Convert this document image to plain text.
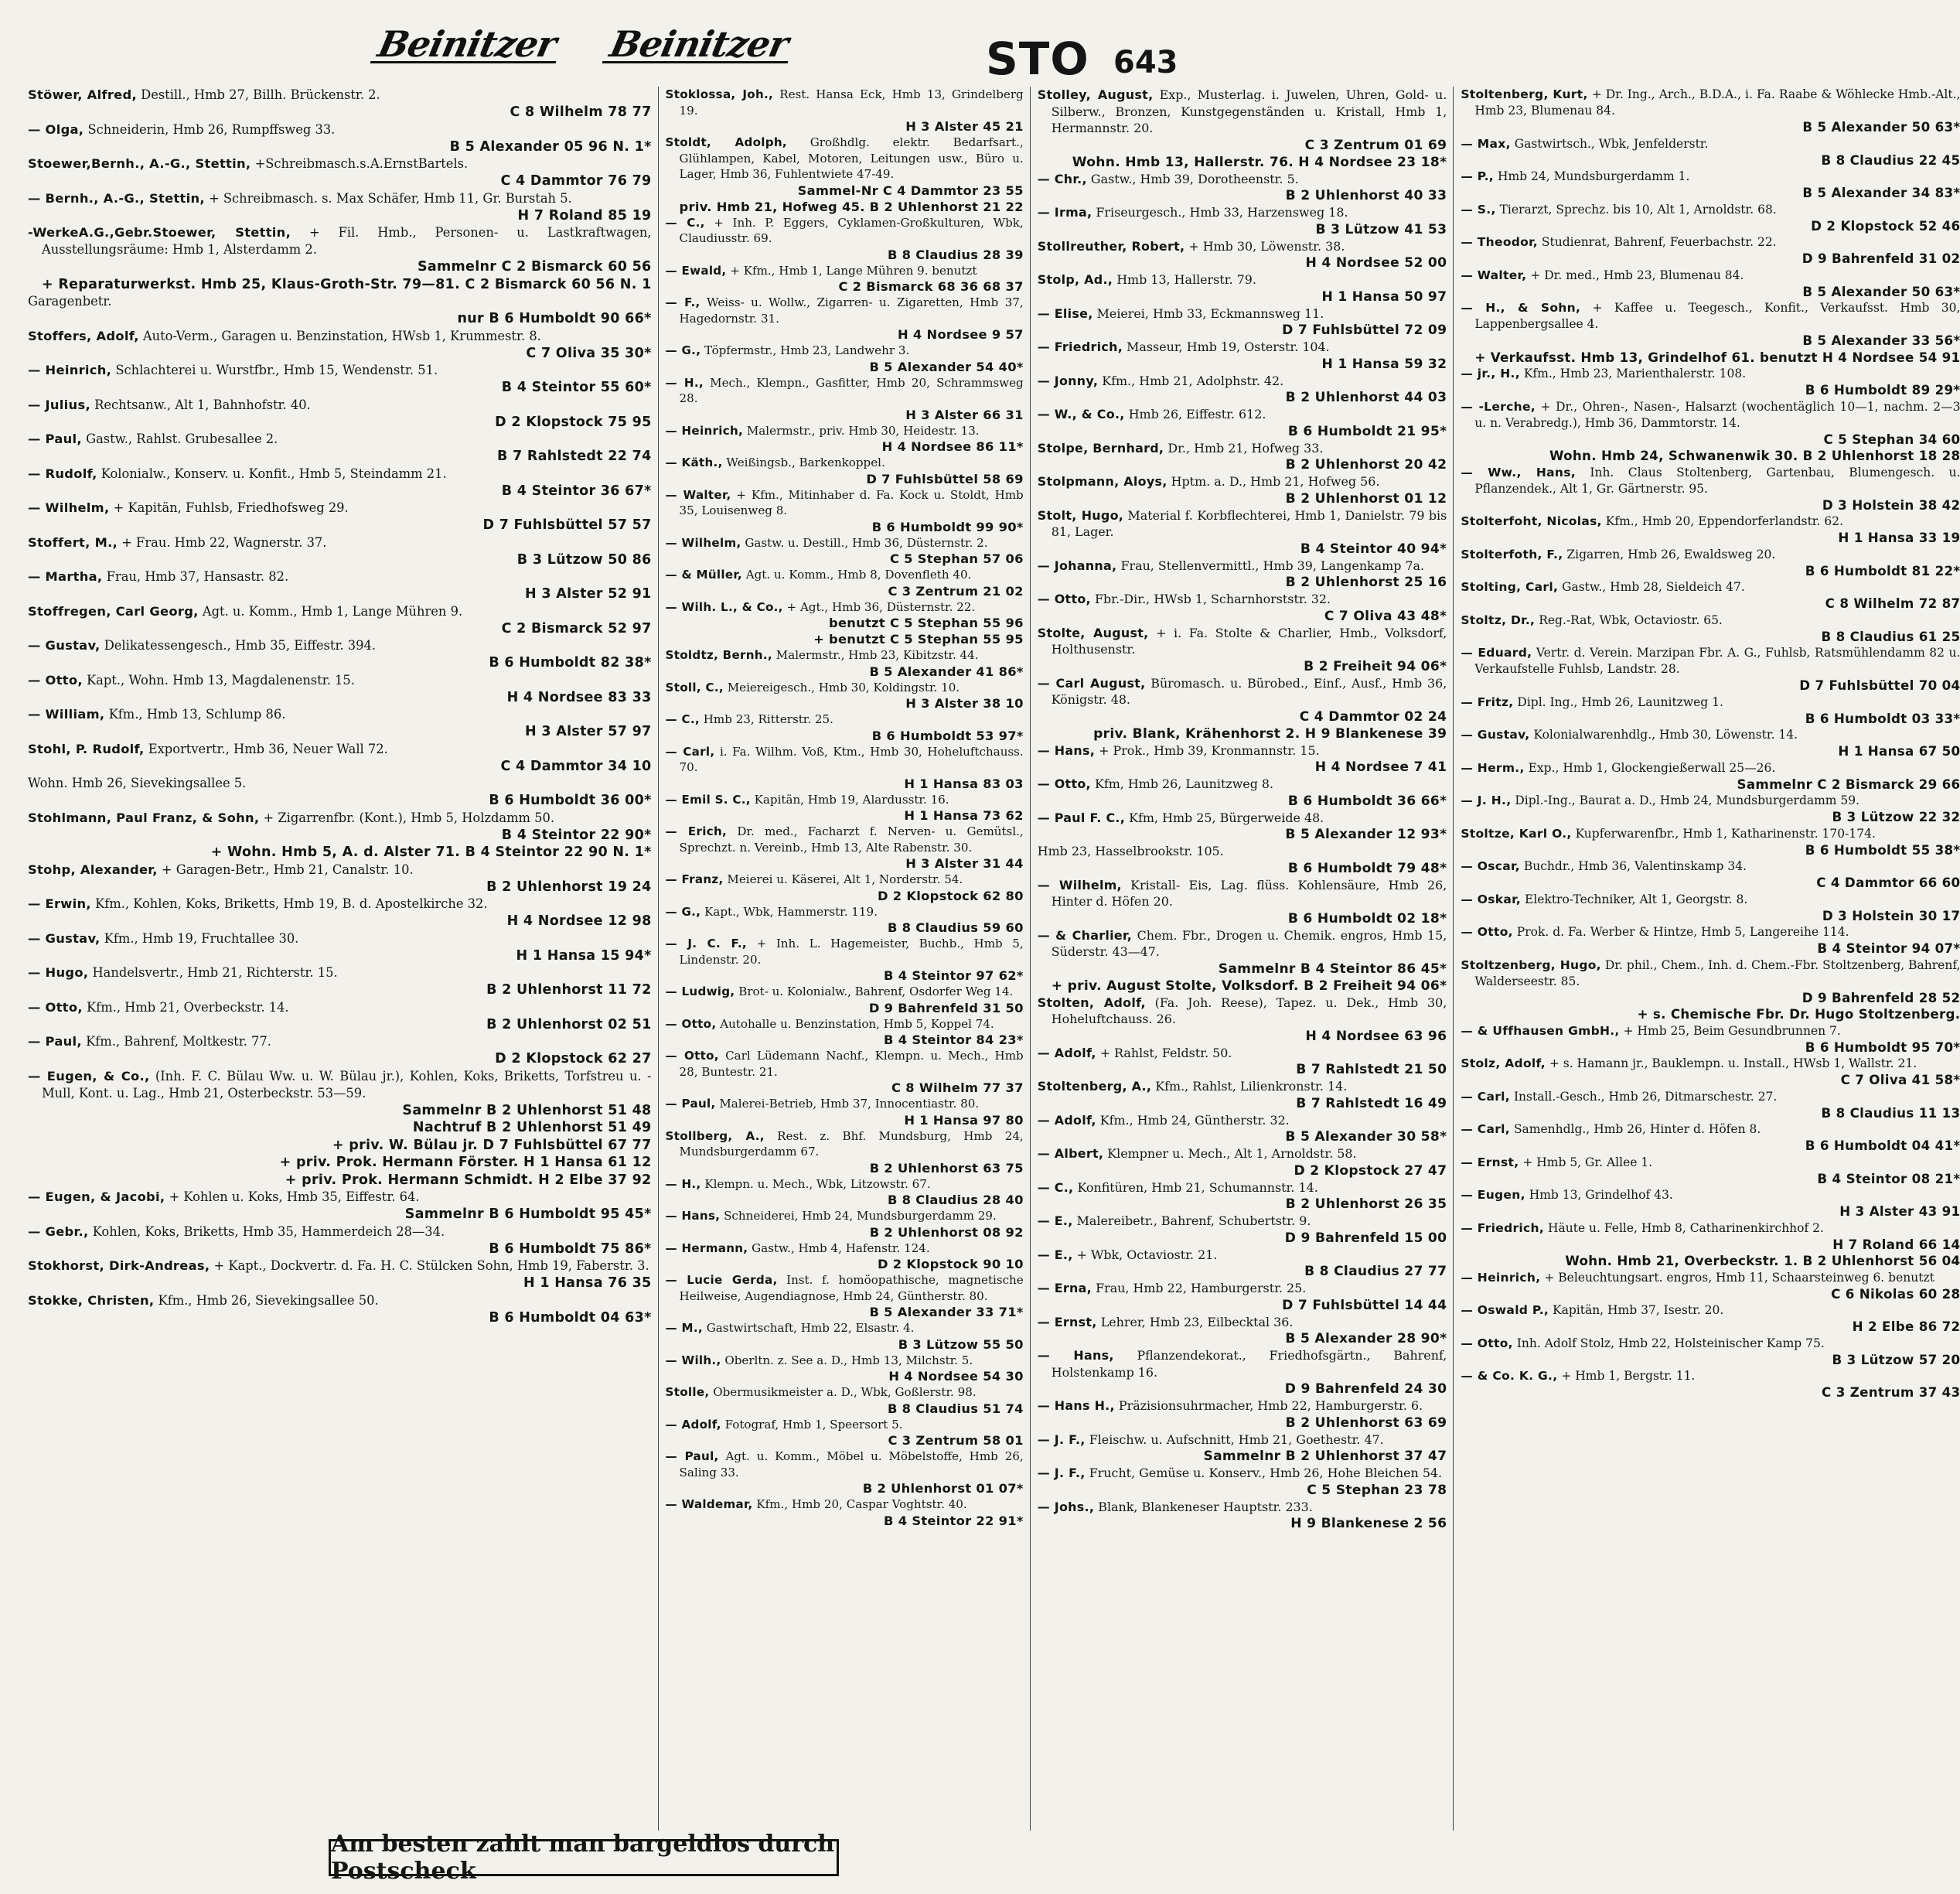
Beinitzer Beinitzer	STO 643

Stöwer, Alfred, Destill., Hmb 27, Billh. Brückenstr. 2.
C 8 Wilhelm 78 77

— Olga, Schneiderin, Hmb 26, Rumpffsweg 33.
B 5 Alexander 05 96 N. 1*

Stoewer,Bernh., A.-G., Stettin, +Schreibmasch.s.A.ErnstBartels.
C 4 Dammtor 76 79

— Bernh., A.-G., Stettin, + Schreibmasch. s. Max Schäfer, Hmb 11, Gr. Burstah 5.
H 7 Roland 85 19

-WerkeA.G.,Gebr.Stoewer, Stettin, + Fil. Hmb., Personen- u. Lastkraftwagen, Ausstellungsräume: Hmb 1, Alsterdamm 2.
Sammelnr C 2 Bismarck 60 56
+ Reparaturwerkst. Hmb 25, Klaus-Groth-Str. 79—81. C 2 Bismarck 60 56 N. 1

Garagenbetr.
nur B 6 Humboldt 90 66*

Stoffers, Adolf, Auto-Verm., Garagen u. Benzinstation, HWsb 1, Krummestr. 8.
C 7 Oliva 35 30*

— Heinrich, Schlachterei u. Wurstfbr., Hmb 15, Wendenstr. 51.
B 4 Steintor 55 60*

— Julius, Rechtsanw., Alt 1, Bahnhofstr. 40.
D 2 Klopstock 75 95

— Paul, Gastw., Rahlst. Grubesallee 2.
B 7 Rahlstedt 22 74

— Rudolf, Kolonialw., Konserv. u. Konfit., Hmb 5, Steindamm 21.
B 4 Steintor 36 67*

— Wilhelm, + Kapitän, Fuhlsb, Friedhofsweg 29.
D 7 Fuhlsbüttel 57 57

Stoffert, M., + Frau. Hmb 22, Wagnerstr. 37.
B 3 Lützow 50 86

— Martha, Frau, Hmb 37, Hansastr. 82.
H 3 Alster 52 91

Stoffregen, Carl Georg, Agt. u. Komm., Hmb 1, Lange Mühren 9.
C 2 Bismarck 52 97

— Gustav, Delikatessengesch., Hmb 35, Eiffestr. 394.
B 6 Humboldt 82 38*

— Otto, Kapt., Wohn. Hmb 13, Magdalenenstr. 15.
H 4 Nordsee 83 33

— William, Kfm., Hmb 13, Schlump 86.
H 3 Alster 57 97

Stohl, P. Rudolf, Exportvertr., Hmb 36, Neuer Wall 72.
C 4 Dammtor 34 10

Wohn. Hmb 26, Sievekingsallee 5.
B 6 Humboldt 36 00*

Stohlmann, Paul Franz, & Sohn, + Zigarrenfbr. (Kont.), Hmb 5, Holzdamm 50.
B 4 Steintor 22 90*
+ Wohn. Hmb 5, A. d. Alster 71. B 4 Steintor 22 90 N. 1*

Stohp, Alexander, + Garagen-Betr., Hmb 21, Canalstr. 10.
B 2 Uhlenhorst 19 24

— Erwin, Kfm., Kohlen, Koks, Briketts, Hmb 19, B. d. Apostelkirche 32.
H 4 Nordsee 12 98

— Gustav, Kfm., Hmb 19, Fruchtallee 30.
H 1 Hansa 15 94*

— Hugo, Handelsvertr., Hmb 21, Richterstr. 15.
B 2 Uhlenhorst 11 72

— Otto, Kfm., Hmb 21, Overbeckstr. 14.
B 2 Uhlenhorst 02 51

— Paul, Kfm., Bahrenf, Moltkestr. 77.
D 2 Klopstock 62 27

— Eugen, & Co., (Inh. F. C. Bülau Ww. u. W. Bülau jr.), Kohlen, Koks, Briketts, Torfstreu u. -Mull, Kont. u. Lag., Hmb 21, Osterbeckstr. 53—59.
Sammelnr B 2 Uhlenhorst 51 48
Nachtruf B 2 Uhlenhorst 51 49
+ priv. W. Bülau jr. D 7 Fuhlsbüttel 67 77
+ priv. Prok. Hermann Förster. H 1 Hansa 61 12
+ priv. Prok. Hermann Schmidt. H 2 Elbe 37 92

— Eugen, & Jacobi, + Kohlen u. Koks, Hmb 35, Eiffestr. 64.
Sammelnr B 6 Humboldt 95 45*

— Gebr., Kohlen, Koks, Briketts, Hmb 35, Hammerdeich 28—34.
B 6 Humboldt 75 86*

Stokhorst, Dirk-Andreas, + Kapt., Dockvertr. d. Fa. H. C. Stülcken Sohn, Hmb 19, Faberstr. 3.
H 1 Hansa 76 35

Stokke, Christen, Kfm., Hmb 26, Sievekingsallee 50.
B 6 Humboldt 04 63*

Stoklossa, Joh., Rest. Hansa Eck, Hmb 13, Grindelberg 19.
H 3 Alster 45 21

Stoldt, Adolph, Großhdlg. elektr. Bedarfsart., Glühlampen, Kabel, Motoren, Leitungen usw., Büro u. Lager, Hmb 36, Fuhlentwiete 47-49.
Sammel-Nr C 4 Dammtor 23 55
priv. Hmb 21, Hofweg 45. B 2 Uhlenhorst 21 22

— C., + Inh. P. Eggers, Cyklamen-Großkulturen, Wbk, Claudiusstr. 69.
B 8 Claudius 28 39

— Ewald, + Kfm., Hmb 1, Lange Mühren 9. benutzt
C 2 Bismarck 68 36 68 37

— F., Weiss- u. Wollw., Zigarren- u. Zigaretten, Hmb 37, Hagedornstr. 31.
H 4 Nordsee 9 57

— G., Töpfermstr., Hmb 23, Landwehr 3.
B 5 Alexander 54 40*

— H., Mech., Klempn., Gasfitter, Hmb 20, Schrammsweg 28.
H 3 Alster 66 31

— Heinrich, Malermstr., priv. Hmb 30, Heidestr. 13.
H 4 Nordsee 86 11*

— Käth., Weißingsb., Barkenkoppel.
D 7 Fuhlsbüttel 58 69

— Walter, + Kfm., Mitinhaber d. Fa. Kock u. Stoldt, Hmb 35, Louisenweg 8.
B 6 Humboldt 99 90*

— Wilhelm, Gastw. u. Destill., Hmb 36, Düsternstr. 2.
C 5 Stephan 57 06

— & Müller, Agt. u. Komm., Hmb 8, Dovenfleth 40.
C 3 Zentrum 21 02

— Wilh. L., & Co., + Agt., Hmb 36, Düsternstr. 22.
benutzt C 5 Stephan 55 96
+ benutzt C 5 Stephan 55 95

Stoldtz, Bernh., Malermstr., Hmb 23, Kibitzstr. 44.
B 5 Alexander 41 86*

Stoll, C., Meiereigesch., Hmb 30, Koldingstr. 10.
H 3 Alster 38 10

— C., Hmb 23, Ritterstr. 25.
B 6 Humboldt 53 97*

— Carl, i. Fa. Wilhm. Voß, Ktm., Hmb 30, Hoheluftchauss. 70.
H 1 Hansa 83 03

— Emil S. C., Kapitän, Hmb 19, Alardusstr. 16.
H 1 Hansa 73 62

— Erich, Dr. med., Facharzt f. Nerven- u. Gemütsl., Sprechzt. n. Vereinb., Hmb 13, Alte Rabenstr. 30.
H 3 Alster 31 44

— Franz, Meierei u. Käserei, Alt 1, Norderstr. 54.
D 2 Klopstock 62 80

— G., Kapt., Wbk, Hammerstr. 119.
B 8 Claudius 59 60

— J. C. F., + Inh. L. Hagemeister, Buchb., Hmb 5, Lindenstr. 20.
B 4 Steintor 97 62*

— Ludwig, Brot- u. Kolonialw., Bahrenf, Osdorfer Weg 14.
D 9 Bahrenfeld 31 50

— Otto, Autohalle u. Benzinstation, Hmb 5, Koppel 74.
B 4 Steintor 84 23*

— Otto, Carl Lüdemann Nachf., Klempn. u. Mech., Hmb 28, Buntestr. 21.
C 8 Wilhelm 77 37

— Paul, Malerei-Betrieb, Hmb 37, Innocentiastr. 80.
H 1 Hansa 97 80

Stollberg, A., Rest. z. Bhf. Mundsburg, Hmb 24, Mundsburgerdamm 67.
B 2 Uhlenhorst 63 75

— H., Klempn. u. Mech., Wbk, Litzowstr. 67.
B 8 Claudius 28 40

— Hans, Schneiderei, Hmb 24, Mundsburgerdamm 29.
B 2 Uhlenhorst 08 92

— Hermann, Gastw., Hmb 4, Hafenstr. 124.
D 2 Klopstock 90 10

— Lucie Gerda, Inst. f. homöopathische, magnetische Heilweise, Augendiagnose, Hmb 24, Güntherstr. 80.
B 5 Alexander 33 71*

— M., Gastwirtschaft, Hmb 22, Elsastr. 4.
B 3 Lützow 55 50

— Wilh., Oberltn. z. See a. D., Hmb 13, Milchstr. 5.
H 4 Nordsee 54 30

Stolle, Obermusikmeister a. D., Wbk, Goßlerstr. 98.
B 8 Claudius 51 74

— Adolf, Fotograf, Hmb 1, Speersort 5.
C 3 Zentrum 58 01

— Paul, Agt. u. Komm., Möbel u. Möbelstoffe, Hmb 26, Saling 33.
B 2 Uhlenhorst 01 07*

— Waldemar, Kfm., Hmb 20, Caspar Voghtstr. 40.
B 4 Steintor 22 91*

Stolley, August, Exp., Musterlag. i. Juwelen, Uhren, Gold- u. Silberw., Bronzen, Kunstgegenständen u. Kristall, Hmb 1, Hermannstr. 20.
C 3 Zentrum 01 69
Wohn. Hmb 13, Hallerstr. 76. H 4 Nordsee 23 18*

— Chr., Gastw., Hmb 39, Dorotheenstr. 5.
B 2 Uhlenhorst 40 33

— Irma, Friseurgesch., Hmb 33, Harzensweg 18.
B 3 Lützow 41 53

Stollreuther, Robert, + Hmb 30, Löwenstr. 38.
H 4 Nordsee 52 00

Stolp, Ad., Hmb 13, Hallerstr. 79.
H 1 Hansa 50 97

— Elise, Meierei, Hmb 33, Eckmannsweg 11.
D 7 Fuhlsbüttel 72 09

— Friedrich, Masseur, Hmb 19, Osterstr. 104.
H 1 Hansa 59 32

— Jonny, Kfm., Hmb 21, Adolphstr. 42.
B 2 Uhlenhorst 44 03

— W., & Co., Hmb 26, Eiffestr. 612.
B 6 Humboldt 21 95*

Stolpe, Bernhard, Dr., Hmb 21, Hofweg 33.
B 2 Uhlenhorst 20 42

Stolpmann, Aloys, Hptm. a. D., Hmb 21, Hofweg 56.
B 2 Uhlenhorst 01 12

Stolt, Hugo, Material f. Korbflechterei, Hmb 1, Danielstr. 79 bis 81, Lager.
B 4 Steintor 40 94*

— Johanna, Frau, Stellenvermittl., Hmb 39, Langenkamp 7a.
B 2 Uhlenhorst 25 16

— Otto, Fbr.-Dir., HWsb 1, Scharnhorststr. 32.
C 7 Oliva 43 48*

Stolte, August, + i. Fa. Stolte & Charlier, Hmb., Volksdorf, Holthusenstr.
B 2 Freiheit 94 06*

— Carl August, Büromasch. u. Bürobed., Einf., Ausf., Hmb 36, Königstr. 48.
C 4 Dammtor 02 24
priv. Blank, Krähenhorst 2. H 9 Blankenese 39

— Hans, + Prok., Hmb 39, Kronmannstr. 15.
H 4 Nordsee 7 41

— Otto, Kfm, Hmb 26, Launitzweg 8.
B 6 Humboldt 36 66*

— Paul F. C., Kfm, Hmb 25, Bürgerweide 48.
B 5 Alexander 12 93*

Hmb 23, Hasselbrookstr. 105.
B 6 Humboldt 79 48*

— Wilhelm, Kristall- Eis, Lag. flüss. Kohlensäure, Hmb 26, Hinter d. Höfen 20.
B 6 Humboldt 02 18*

— & Charlier, Chem. Fbr., Drogen u. Chemik. engros, Hmb 15, Süderstr. 43—47.
Sammelnr B 4 Steintor 86 45*
+ priv. August Stolte, Volksdorf. B 2 Freiheit 94 06*

Stolten, Adolf, (Fa. Joh. Reese), Tapez. u. Dek., Hmb 30, Hoheluftchauss. 26.
H 4 Nordsee 63 96

— Adolf, + Rahlst, Feldstr. 50.
B 7 Rahlstedt 21 50

Stoltenberg, A., Kfm., Rahlst, Lilienkronstr. 14.
B 7 Rahlstedt 16 49

— Adolf, Kfm., Hmb 24, Güntherstr. 32.
B 5 Alexander 30 58*

— Albert, Klempner u. Mech., Alt 1, Arnoldstr. 58.
D 2 Klopstock 27 47

— C., Konfitüren, Hmb 21, Schumannstr. 14.
B 2 Uhlenhorst 26 35

— E., Malereibetr., Bahrenf, Schubertstr. 9.
D 9 Bahrenfeld 15 00

— E., + Wbk, Octaviostr. 21.
B 8 Claudius 27 77

— Erna, Frau, Hmb 22, Hamburgerstr. 25.
D 7 Fuhlsbüttel 14 44

— Ernst, Lehrer, Hmb 23, Eilbecktal 36.
B 5 Alexander 28 90*

— Hans, Pflanzendekorat., Friedhofsgärtn., Bahrenf, Holstenkamp 16.
D 9 Bahrenfeld 24 30

— Hans H., Präzisionsuhrmacher, Hmb 22, Hamburgerstr. 6.
B 2 Uhlenhorst 63 69

— J. F., Fleischw. u. Aufschnitt, Hmb 21, Goethestr. 47.
Sammelnr B 2 Uhlenhorst 37 47

— J. F., Frucht, Gemüse u. Konserv., Hmb 26, Hohe Bleichen 54.
C 5 Stephan 23 78

— Johs., Blank, Blankeneser Hauptstr. 233.
H 9 Blankenese 2 56

Stoltenberg, Kurt, + Dr. Ing., Arch., B.D.A., i. Fa. Raabe & Wöhlecke Hmb.-Alt., Hmb 23, Blumenau 84.
B 5 Alexander 50 63*

— Max, Gastwirtsch., Wbk, Jenfelderstr.
B 8 Claudius 22 45

— P., Hmb 24, Mundsburgerdamm 1.
B 5 Alexander 34 83*

— S., Tierarzt, Sprechz. bis 10, Alt 1, Arnoldstr. 68.
D 2 Klopstock 52 46

— Theodor, Studienrat, Bahrenf, Feuerbachstr. 22.
D 9 Bahrenfeld 31 02

— Walter, + Dr. med., Hmb 23, Blumenau 84.
B 5 Alexander 50 63*

— H., & Sohn, + Kaffee u. Teegesch., Konfit., Verkaufsst. Hmb 30, Lappenbergsallee 4.
B 5 Alexander 33 56*
+ Verkaufsst. Hmb 13, Grindelhof 61. benutzt H 4 Nordsee 54 91

— jr., H., Kfm., Hmb 23, Marienthalerstr. 108.
B 6 Humboldt 89 29*

— -Lerche, + Dr., Ohren-, Nasen-, Halsarzt (wochentäglich 10—1, nachm. 2—3 u. n. Verabredg.), Hmb 36, Dammtorstr. 14.
C 5 Stephan 34 60
Wohn. Hmb 24, Schwanenwik 30. B 2 Uhlenhorst 18 28

— Ww., Hans, Inh. Claus Stoltenberg, Gartenbau, Blumengesch. u. Pflanzendek., Alt 1, Gr. Gärtnerstr. 95.
D 3 Holstein 38 42

Stolterfoht, Nicolas, Kfm., Hmb 20, Eppendorferlandstr. 62.
H 1 Hansa 33 19

Stolterfoth, F., Zigarren, Hmb 26, Ewaldsweg 20.
B 6 Humboldt 81 22*

Stolting, Carl, Gastw., Hmb 28, Sieldeich 47.
C 8 Wilhelm 72 87

Stoltz, Dr., Reg.-Rat, Wbk, Octaviostr. 65.
B 8 Claudius 61 25

— Eduard, Vertr. d. Verein. Marzipan Fbr. A. G., Fuhlsb, Ratsmühlendamm 82 u. Verkaufstelle Fuhlsb, Landstr. 28.
D 7 Fuhlsbüttel 70 04

— Fritz, Dipl. Ing., Hmb 26, Launitzweg 1.
B 6 Humboldt 03 33*

— Gustav, Kolonialwarenhdlg., Hmb 30, Löwenstr. 14.
H 1 Hansa 67 50

— Herm., Exp., Hmb 1, Glockengießerwall 25—26.
Sammelnr C 2 Bismarck 29 66

— J. H., Dipl.-Ing., Baurat a. D., Hmb 24, Mundsburgerdamm 59.
B 3 Lützow 22 32

Stoltze, Karl O., Kupferwarenfbr., Hmb 1, Katharinenstr. 170-174.
B 6 Humboldt 55 38*

— Oscar, Buchdr., Hmb 36, Valentinskamp 34.
C 4 Dammtor 66 60

— Oskar, Elektro-Techniker, Alt 1, Georgstr. 8.
D 3 Holstein 30 17

— Otto, Prok. d. Fa. Werber & Hintze, Hmb 5, Langereihe 114.
B 4 Steintor 94 07*

Stoltzenberg, Hugo, Dr. phil., Chem., Inh. d. Chem.-Fbr. Stoltzenberg, Bahrenf, Walderseestr. 85.
D 9 Bahrenfeld 28 52
+ s. Chemische Fbr. Dr. Hugo Stoltzenberg.

— & Uffhausen GmbH., + Hmb 25, Beim Gesundbrunnen 7.
B 6 Humboldt 95 70*

Stolz, Adolf, + s. Hamann jr., Bauklempn. u. Install., HWsb 1, Wallstr. 21.
C 7 Oliva 41 58*

— Carl, Install.-Gesch., Hmb 26, Ditmarschestr. 27.
B 8 Claudius 11 13

— Carl, Samenhdlg., Hmb 26, Hinter d. Höfen 8.
B 6 Humboldt 04 41*

— Ernst, + Hmb 5, Gr. Allee 1.
B 4 Steintor 08 21*

— Eugen, Hmb 13, Grindelhof 43.
H 3 Alster 43 91

— Friedrich, Häute u. Felle, Hmb 8, Catharinenkirchhof 2.
H 7 Roland 66 14
Wohn. Hmb 21, Overbeckstr. 1. B 2 Uhlenhorst 56 04

— Heinrich, + Beleuchtungsart. engros, Hmb 11, Schaarsteinweg 6. benutzt
C 6 Nikolas 60 28

— Oswald P., Kapitän, Hmb 37, Isestr. 20.
H 2 Elbe 86 72

— Otto, Inh. Adolf Stolz, Hmb 22, Holsteinischer Kamp 75.
B 3 Lützow 57 20

— & Co. K. G., + Hmb 1, Bergstr. 11.
C 3 Zentrum 37 43

Am besten zahlt man bargeldlos durch Postscheck
